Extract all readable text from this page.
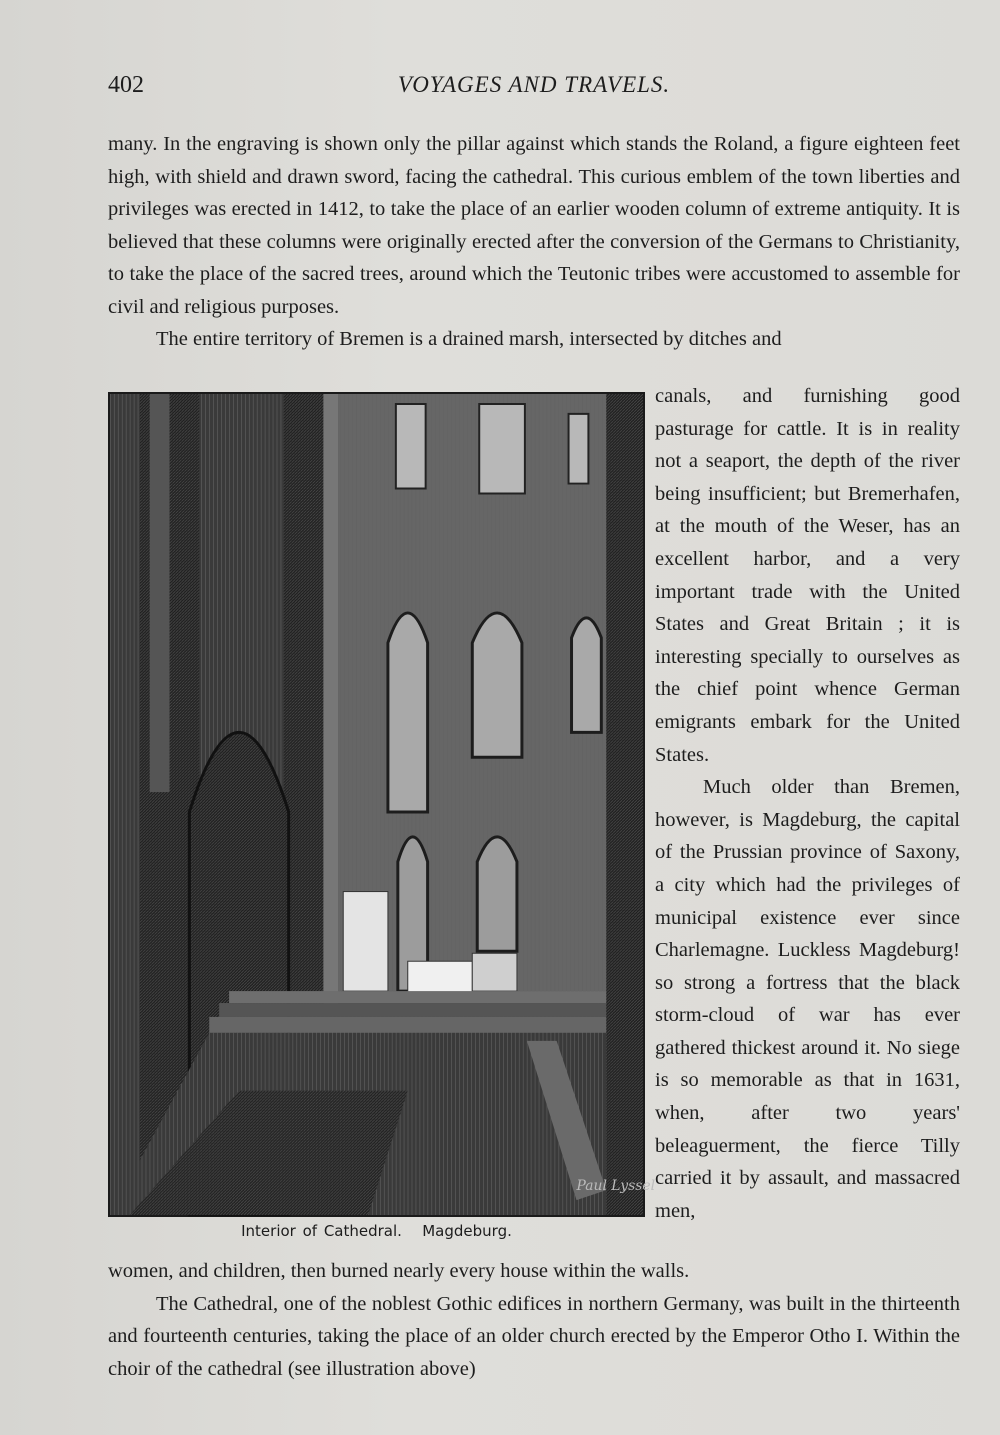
402	VOYAGES AND TRAVELS.

many. In the engraving is shown only the pillar against which stands the Roland, a figure eighteen feet high, with shield and drawn sword, facing the cathedral. This curious emblem of the town liberties and privileges was erected in 1412, to take the place of an earlier wooden column of extreme antiquity. It is believed that these columns were originally erected after the conversion of the Germans to Christianity, to take the place of the sacred trees, around which the Teutonic tribes were accustomed to assemble for civil and religious purposes.

The entire territory of Bremen is a drained marsh, intersected by ditches and

Paul Lyssel
Interior of Cathedral.   Magdeburg.

canals, and furnishing good pasturage for cattle. It is in reality not a seaport, the depth of the river being insufficient; but Bremerhafen, at the mouth of the Weser, has an excellent harbor, and a very important trade with the United States and Great Britain ; it is interesting specially to ourselves as the chief point whence German emigrants embark for the United States.

Much older than Bremen, however, is Magdeburg, the capital of the Prussian province of Saxony, a city which had the privileges of municipal existence ever since Charlemagne. Luckless Magdeburg! so strong a fortress that the black storm-cloud of war has ever gathered thickest around it. No siege is so memorable as that in 1631, when, after two years' beleaguerment, the fierce Tilly carried it by assault, and massacred men,

women, and children, then burned nearly every house within the walls.

The Cathedral, one of the noblest Gothic edifices in northern Germany, was built in the thirteenth and fourteenth centuries, taking the place of an older church erected by the Emperor Otho I. Within the choir of the cathedral (see illustration above)
